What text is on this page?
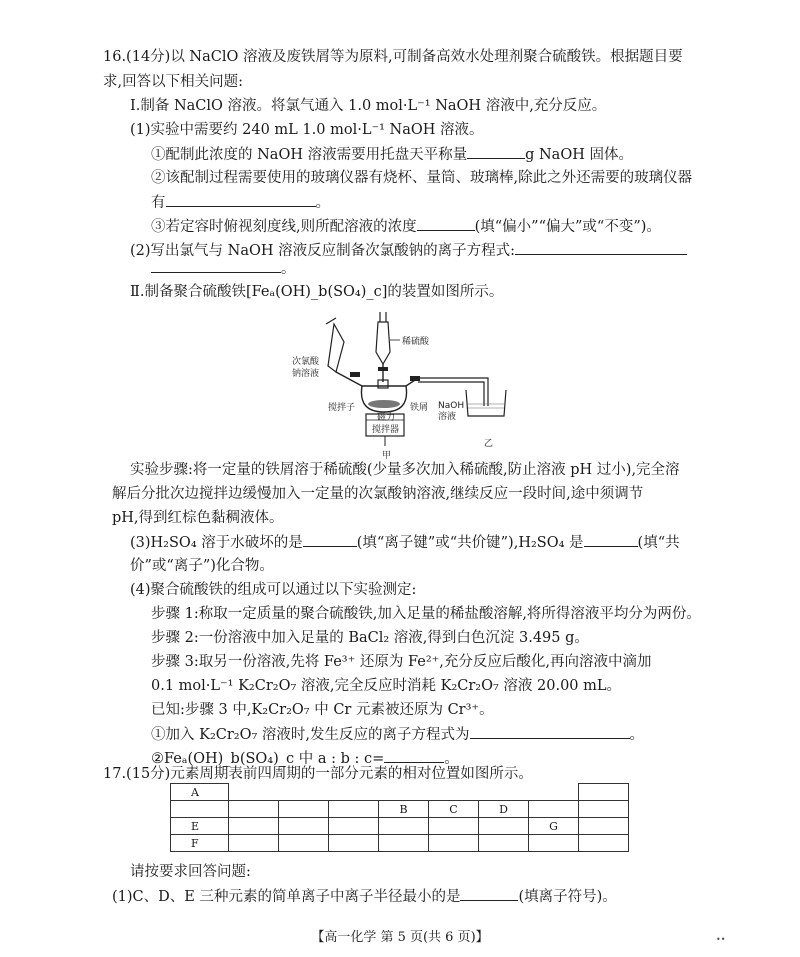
16.(14分)以 NaClO 溶液及废铁屑等为原料,可制备高效水处理剂聚合硫酸铁。根据题目要
求,回答以下相关问题:
Ⅰ.制备 NaClO 溶液。将氯气通入 1.0 mol·L⁻¹ NaOH 溶液中,充分反应。
(1)实验中需要约 240 mL 1.0 mol·L⁻¹ NaOH 溶液。
①配制此浓度的 NaOH 溶液需要用托盘天平称量	g NaOH 固体。
②该配制过程需要使用的玻璃仪器有烧杯、量筒、玻璃棒,除此之外还需要的玻璃仪器
有	。
③若定容时俯视刻度线,则所配溶液的浓度	(填“偏小”“偏大”或“不变”)。
(2)写出氯气与 NaOH 溶液反应制备次氯酸钠的离子方程式:
。
Ⅱ.制备聚合硫酸铁[Feₐ(OH)_b(SO₄)_c]的装置如图所示。
磁力
搅拌器
次氯酸
钠溶液
稀硫酸
搅拌子	铁屑 NaOH
溶液
甲
乙
实验步骤:将一定量的铁屑溶于稀硫酸(少量多次加入稀硫酸,防止溶液 pH 过小),完全溶
解后分批次边搅拌边缓慢加入一定量的次氯酸钠溶液,继续反应一段时间,途中须调节
pH,得到红棕色黏稠液体。
(3)H₂SO₄ 溶于水破坏的是	(填“离子键”或“共价键”),H₂SO₄ 是	(填“共
价”或“离子”)化合物。
(4)聚合硫酸铁的组成可以通过以下实验测定:
步骤 1:称取一定质量的聚合硫酸铁,加入足量的稀盐酸溶解,将所得溶液平均分为两份。
步骤 2:一份溶液中加入足量的 BaCl₂ 溶液,得到白色沉淀 3.495 g。
步骤 3:取另一份溶液,先将 Fe³⁺ 还原为 Fe²⁺,充分反应后酸化,再向溶液中滴加
0.1 mol·L⁻¹ K₂Cr₂O₇ 溶液,完全反应时消耗 K₂Cr₂O₇ 溶液 20.00 mL。
已知:步骤 3 中,K₂Cr₂O₇ 中 Cr 元素被还原为 Cr³⁺。
①加入 K₂Cr₂O₇ 溶液时,发生反应的离子方程式为	。
②Feₐ(OH)_b(SO₄)_c 中 a : b : c=	。
17.(15分)元素周期表前四周期的一部分元素的相对位置如图所示。
A								
				B	C	D		
E							G	
F								
请按要求回答问题:
(1)C、D、E 三种元素的简单离子中离子半径最小的是	(填离子符号)。
【高一化学 第 5 页(共 6 页)】	••
